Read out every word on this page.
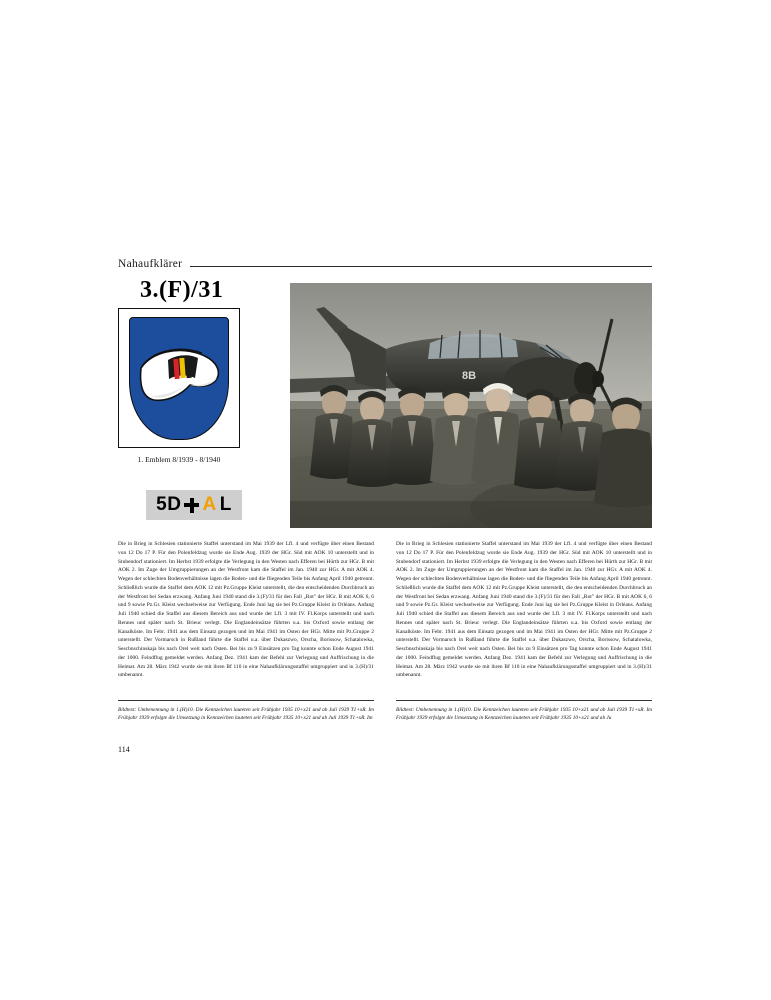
Nahaufklärer
3.(F)/31
1. Emblem 8/1939 - 8/1940
5D A L
8B
Die in Brieg in Schlesien stationierte Staffel unterstand im Mai 1939 der Lfl. 4 und verfügte über einen Bestand von 12 Do 17 P. Für den Polenfeldzug wurde sie Ende Aug. 1939 der HGr. Süd mit AOK 10 unterstellt und in Stubendorf stationiert. Im Herbst 1939 erfolgte die Verlegung in den Westen nach Efferen bei Hürth zur HGr. B mit AOK 2. Im Zuge der Umgruppierungen an der Westfront kam die Staffel im Jan. 1940 zur HGr. A mit AOK 4. Wegen der schlechten Bodenverhältnisse lagen die Boden- und die fliegenden Teile bis Anfang April 1940 getrennt. Schließlich wurde die Staffel dem AOK 12 mit Pz.Gruppe Kleist unterstellt, die den entscheidenden Durchbruch an der Westfront bei Sedan erzwang. Anfang Juni 1940 stand die 3.(F)/31 für den Fall „Rot" der HGr. B mit AOK 6, 6 und 9 sowie Pz.Gr. Kleist wechselweise zur Verfügung. Ende Juni lag sie bei Pz.Gruppe Kleist in Orléans. Anfang Juli 1940 schied die Staffel aus diesem Bereich aus und wurde der Lfl. 3 mit IV. Fl.Korps unterstellt und nach Rennes und später nach St. Brieuc verlegt. Die Englandeinsätze führten u.a. bis Oxford sowie entlang der Kanalküste. Im Febr. 1941 aus dem Einsatz gezogen und im Mai 1941 im Osten der HGr. Mitte mit Pz.Gruppe 2 unterstellt. Der Vormarsch in Rußland führte die Staffel u.a. über Dukaszwo, Orscha, Borissow, Schatalowka, Sescbnschinskaja bis nach Orel weit nach Osten. Bei bis zu 9 Einsätzen pro Tag konnte schon Ende August 1941 der 1000. Feindflug gemeldet werden. Anfang Dez. 1941 kam der Befehl zur Verlegung und Auffrischung in die Heimat. Am 28. März 1942 wurde sie mit ihren Bf 110 in eine Nahaufklärungsstaffel umgruppiert und in 3.(H)/31 umbenannt.
Die in Brieg in Schlesien stationierte Staffel unterstand im Mai 1939 der Lfl. 4 und verfügte über einen Bestand von 12 Do 17 P. Für den Polenfeldzug wurde sie Ende Aug. 1939 der HGr. Süd mit AOK 10 unterstellt und in Stubendorf stationiert. Im Herbst 1939 erfolgte die Verlegung in den Westen nach Efferen bei Hürth zur HGr. B mit AOK 2. Im Zuge der Umgruppierungen an der Westfront kam die Staffel im Jan. 1940 zur HGr. A mit AOK 4. Wegen der schlechten Bodenverhältnisse lagen die Boden- und die fliegenden Teile bis Anfang April 1940 getrennt. Schließlich wurde die Staffel dem AOK 12 mit Pz.Gruppe Kleist unterstellt, die den entscheidenden Durchbruch an der Westfront bei Sedan erzwang. Anfang Juni 1940 stand die 3.(F)/31 für den Fall „Rot" der HGr. B mit AOK 6, 6 und 9 sowie Pz.Gr. Kleist wechselweise zur Verfügung. Ende Juni lag sie bei Pz.Gruppe Kleist in Orléans. Anfang Juli 1940 schied die Staffel aus diesem Bereich aus und wurde der Lfl. 3 mit IV. Fl.Korps unterstellt und nach Rennes und später nach St. Brieuc verlegt. Die Englandeinsätze führten u.a. bis Oxford sowie entlang der Kanalküste. Im Febr. 1941 aus dem Einsatz gezogen und im Mai 1941 im Osten der HGr. Mitte mit Pz.Gruppe 2 unterstellt. Der Vormarsch in Rußland führte die Staffel u.a. über Dukaszwo, Orscha, Borissow, Schatalowka, Sescbnschinskaja bis nach Orel weit nach Osten. Bei bis zu 9 Einsätzen pro Tag konnte schon Ende August 1941 der 1000. Feindflug gemeldet werden. Anfang Dez. 1941 kam der Befehl zur Verlegung und Auffrischung in die Heimat. Am 28. März 1942 wurde sie mit ihren Bf 110 in eine Nahaufklärungsstaffel umgruppiert und in 3.(H)/31 umbenannt.
Bildtext: Umbenennung in 1.(H)10. Die Kennzeichen lauteten seit Frühjahr 1935 10+x21 und ab Juli 1939 T1+xR. Im Frühjahr 1939 erfolgte die Umsetzung in Kennzeichen lauteten seit Frühjahr 1935 10+x21 und ab Juli 1939 T1+xR. Im
Bildtext: Umbenennung in 1.(H)10. Die Kennzeichen lauteten seit Frühjahr 1935 10+x21 und ab Juli 1939 T1+xR. Im Frühjahr 1939 erfolgte die Umsetzung in Kennzeichen lauteten seit Frühjahr 1935 10+x21 und ab Ju
114
